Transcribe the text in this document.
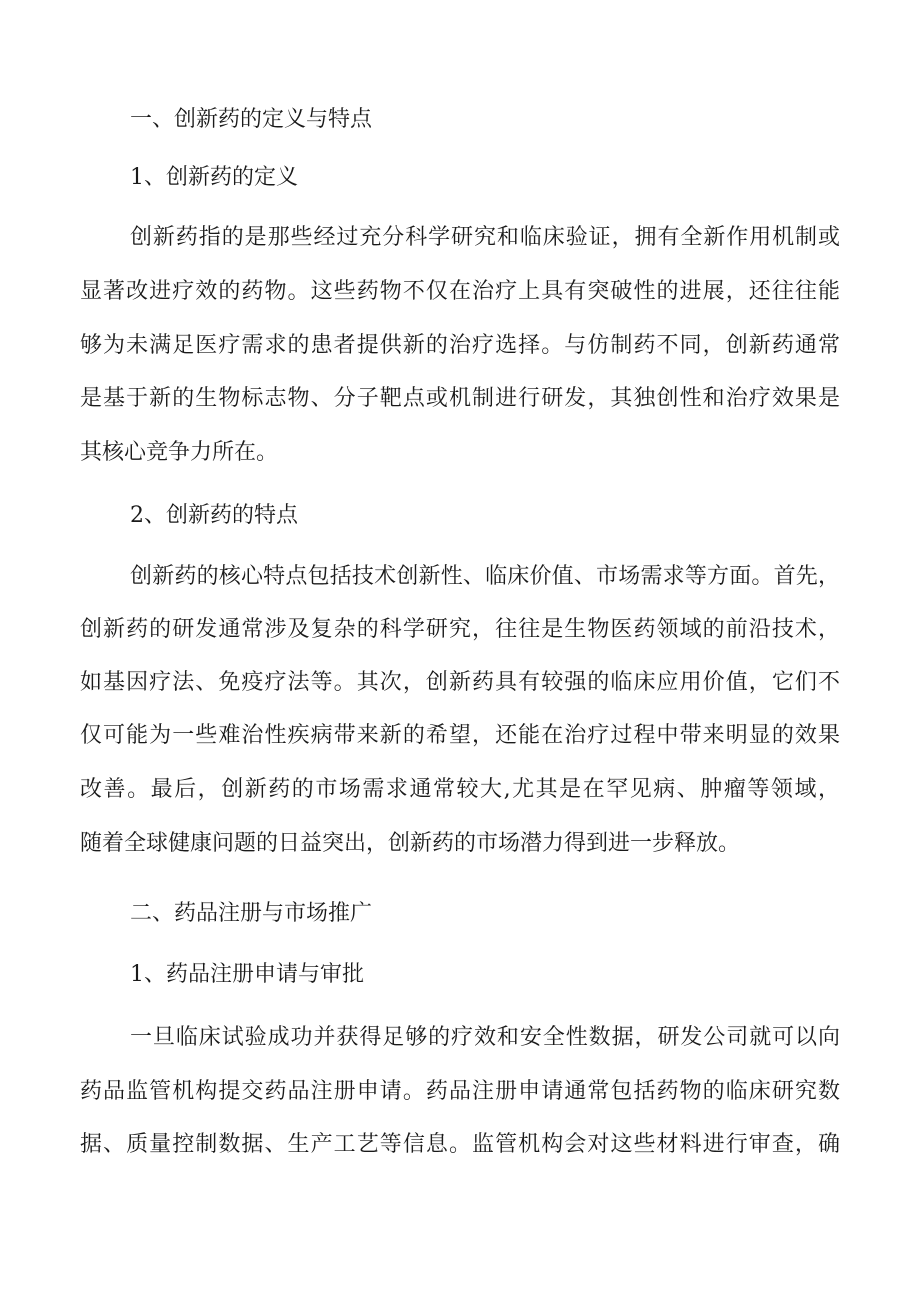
一、创新药的定义与特点

1、创新药的定义

创新药指的是那些经过充分科学研究和临床验证，拥有全新作用机制或

显著改进疗效的药物。这些药物不仅在治疗上具有突破性的进展，还往往能

够为未满足医疗需求的患者提供新的治疗选择。与仿制药不同，创新药通常

是基于新的生物标志物、分子靶点或机制进行研发，其独创性和治疗效果是

其核心竞争力所在。

2、创新药的特点

创新药的核心特点包括技术创新性、临床价值、市场需求等方面。首先，

创新药的研发通常涉及复杂的科学研究，往往是生物医药领域的前沿技术，

如基因疗法、免疫疗法等。其次，创新药具有较强的临床应用价值，它们不

仅可能为一些难治性疾病带来新的希望，还能在治疗过程中带来明显的效果

改善。最后，创新药的市场需求通常较大,尤其是在罕见病、肿瘤等领域，

随着全球健康问题的日益突出，创新药的市场潜力得到进一步释放。

二、药品注册与市场推广

1、药品注册申请与审批

一旦临床试验成功并获得足够的疗效和安全性数据，研发公司就可以向

药品监管机构提交药品注册申请。药品注册申请通常包括药物的临床研究数

据、质量控制数据、生产工艺等信息。监管机构会对这些材料进行审查，确
